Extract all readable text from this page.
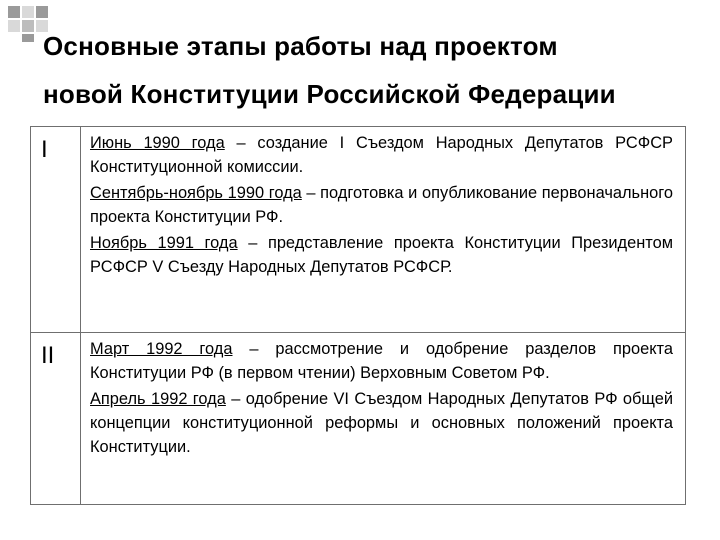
Основные этапы работы над проектом
новой Конституции Российской Федерации
I	Июнь 1990 года – создание I Съездом Народных Депутатов РСФСР Конституционной комиссии.
Сентябрь-ноябрь 1990 года – подготовка и опубликование первоначального проекта Конституции РФ.
Ноябрь 1991 года – представление проекта Конституции Президентом РСФСР V Съезду Народных Депутатов РСФСР.

II	Март 1992 года – рассмотрение и одобрение разделов проекта Конституции РФ (в первом чтении) Верховным Советом РФ.
Апрель 1992 года – одобрение VI Съездом Народных Депутатов РФ общей концепции конституционной реформы и основных положений проекта Конституции.
